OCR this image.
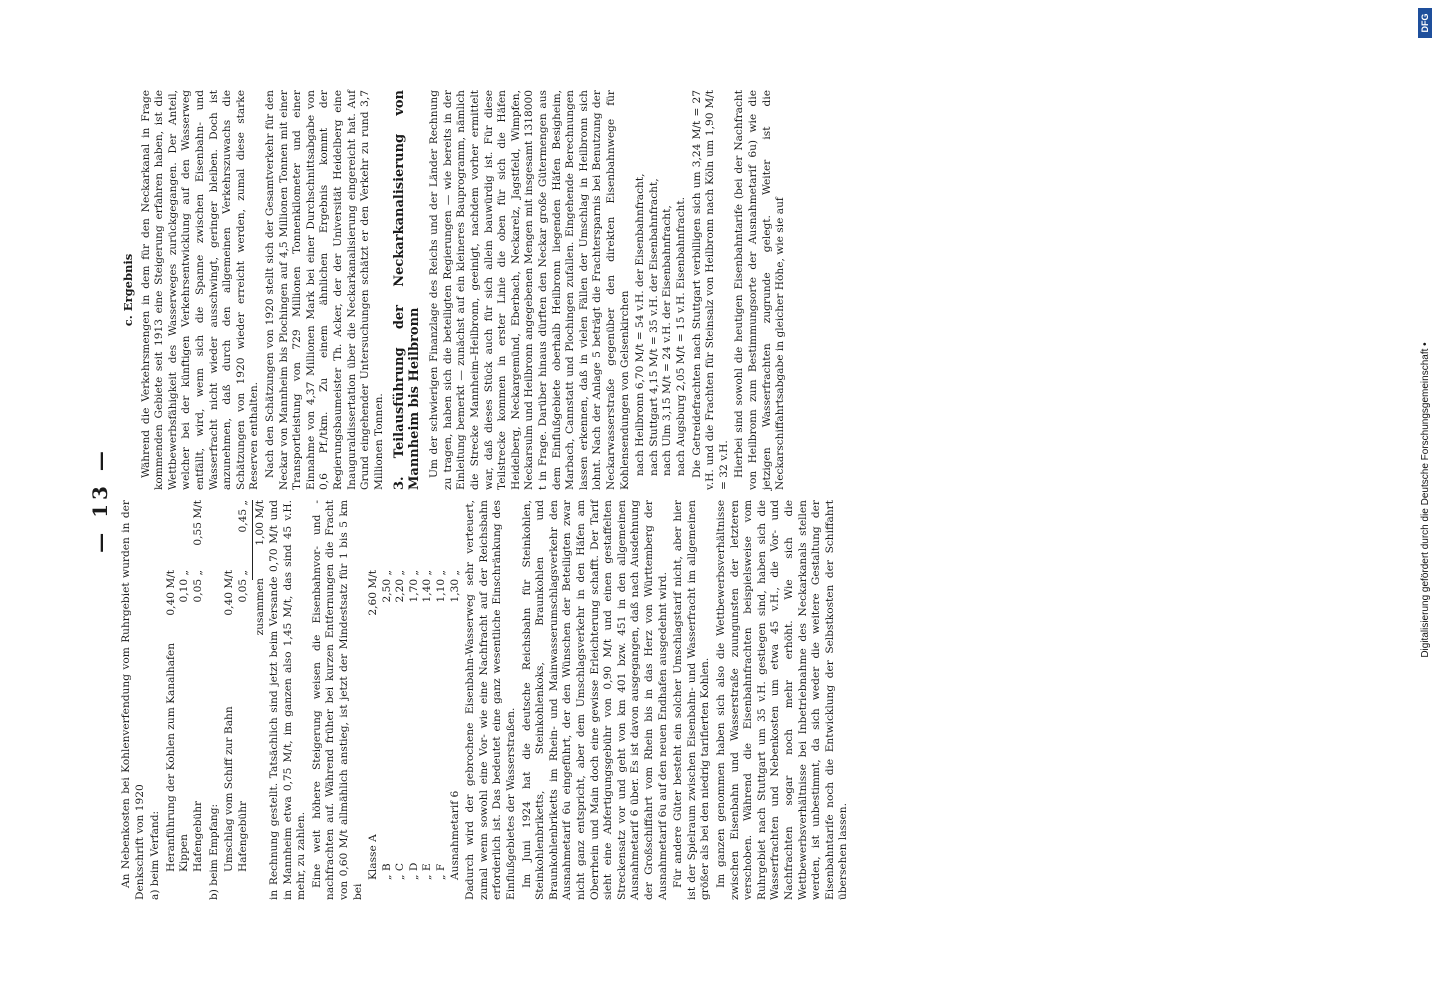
— 13 — An Nebenkosten bei Kohlenverfendung vom Ruhrgebiet wurden in der Denkschrift von 1920 a) beim Verfand: Heranführung der Kohlen zum Kanalhafen
0,40 M/t
Kippen
0,10 „
Hafengebühr
0,05 „
0,55 M/t
b) beim Empfang: Umschlag vom Schiff zur Bahn
0,40 M/t
Hafengebühr
0,05 „
0,45 „
zusammen
1,00 M/t in Rechnung gestellt. Tatsächlich sind jetzt beim Versande 0,70 M/t und in Mannheim etwa 0,75 M/t, im ganzen also 1,45 M/t, das sind 45 v.H. mehr, zu zahlen. Eine weit höhere Steigerung weisen die Eisenbahnvor- und -nachfrachten auf. Während früher bei kurzen Entfernungen die Fracht von 0,60 M/t allmählich anstieg, ist jetzt der Mindestsatz für 1 bis 5 km bei

Klasse A
2,60 M/t
„ B
2,50 „
„ C
2,20 „
„ D
1,70 „
„ E
1,40 „
„ F
1,10 „
Ausnahmetarif 6
1,30 „ Dadurch wird der gebrochene Eisenbahn-Wasserweg sehr verteuert, zumal wenn sowohl eine Vor- wie eine Nachfracht auf der Reichsbahn erforderlich ist. Das bedeutet eine ganz wesentliche Einschränkung des Einflußgebietes der Wasserstraßen. Im Juni 1924 hat die deutsche Reichsbahn für Steinkohlen, Steinkohlenbriketts, Steinkohlenkoks, Braunkohlen und Braunkohlenbriketts im Rhein- und Mainwasserumschlagsverkehr den Ausnahmetarif 6u eingeführt, der den Wünschen der Beteiligten zwar nicht ganz entspricht, aber dem Umschlagsverkehr in den Häfen am Oberrhein und Main doch eine gewisse Erleichterung schafft. Der Tarif sieht eine Abfertigungsgebühr von 0,90 M/t und einen gestaffelten Streckensatz vor und geht von km 401 bzw. 451 in den allgemeinen Ausnahmetarif 6 über. Es ist davon ausgegangen, daß nach Ausdehnung der Großschiffahrt vom Rhein bis in das Herz von Württemberg der Ausnahmetarif 6u auf den neuen Endhafen ausgedehnt wird. Für andere Güter besteht ein solcher Umschlagstarif nicht, aber hier ist der Spielraum zwischen Eisenbahn- und Wasserfracht im allgemeinen größer als bei den niedrig tarifierten Kohlen. Im ganzen genommen haben sich also die Wettbewerbsverhältnisse zwischen Eisenbahn und Wasserstraße zuungunsten der letzteren verschoben. Während die Eisenbahnfrachten beispielsweise vom Ruhrgebiet nach Stuttgart um 35 v.H. gestiegen sind, haben sich die Wasserfrachten und Nebenkosten um etwa 45 v.H., die Vor- und Nachfrachten sogar noch mehr erhöht. Wie sich die Wettbewerbsverhältnisse bei Inbetriebnahme des Neckarkanals stellen werden, ist unbestimmt, da sich weder die weitere Gestaltung der Eisenbahntarife noch die Entwicklung der Selbstkosten der Schiffahrt übersehen lassen.

c. Ergebnis Während die Verkehrsmengen in dem für den Neckarkanal in Frage kommenden Gebiete seit 1913 eine Steigerung erfahren haben, ist die Wettbewerbsfähigkeit des Wasserweges zurückgegangen. Der Anteil, welcher bei der künftigen Verkehrsentwicklung auf den Wasserweg entfällt, wird, wenn sich die Spanne zwischen Eisenbahn- und Wasserfracht nicht wieder ausschwingt, geringer bleiben. Doch ist anzunehmen, daß durch den allgemeinen Verkehrszuwachs die Schätzungen von 1920 wieder erreicht werden, zumal diese starke Reserven enthalten. Nach den Schätzungen von 1920 stellt sich der Gesamtverkehr für den Neckar von Mannheim bis Plochingen auf 4,5 Millionen Tonnen mit einer Transportleistung von 729 Millionen Tonnenkilometer und einer Einnahme von 4,37 Millionen Mark bei einer Durchschnittsabgabe von 0,6 Pf./tkm. Zu einem ähnlichen Ergebnis kommt der Regierungsbaumeister Th. Acker, der der Universität Heidelberg eine Inauguraldissertation über die Neckarkanalisierung eingereicht hat. Auf Grund eingehender Untersuchungen schätzt er den Verkehr zu rund 3,7 Millionen Tonnen. 3. Teilausführung der Neckarkanalisierung von Mannheim bis Heilbronn Um der schwierigen Finanzlage des Reichs und der Länder Rechnung zu tragen, haben sich die beteiligten Regierungen — wie bereits in der Einleitung bemerkt — zunächst auf ein kleineres Bauprogramm, nämlich die Strecke Mannheim–Heilbronn, geeinigt, nachdem vorher ermittelt war, daß dieses Stück auch für sich allein bauwürdig ist. Für diese Teilstrecke kommen in erster Linie die oben für sich die Häfen Heidelberg, Neckargemünd, Eberbach, Neckarelz, Jagstfeld, Wimpfen, Neckarsulm und Heilbronn angegebenen Mengen mit insgesamt 1318000 t in Frage. Darüber hinaus dürften den Neckar große Gütermengen aus dem Einflußgebiete oberhalb Heilbronn liegenden Häfen Besigheim, Marbach, Cannstatt und Plochingen zufallen. Eingehende Berechnungen lassen erkennen, daß in vielen Fällen der Umschlag in Heilbronn sich lohnt. Nach der Anlage 5 beträgt die Frachtersparnis bei Benutzung der Neckarwasserstraße gegenüber den direkten Eisenbahnwege für Kohlensendungen von Gelsenkirchen nach Heilbronn 6,70 M/t = 54 v.H. der Eisenbahnfracht, nach Stuttgart 4,15 M/t = 35 v.H. der Eisenbahnfracht, nach Ulm 3,15 M/t = 24 v.H. der Eisenbahnfracht, nach Augsburg 2,05 M/t = 15 v.H. Eisenbahnfracht. Die Getreidefrachten nach Stuttgart verbilligen sich um 3,24 M/t = 27 v.H. und die Frachten für Steinsalz von Heilbronn nach Köln um 1,90 M/t = 32 v.H. Hierbei sind sowohl die heutigen Eisenbahntarife (bei der Nachfracht von Heilbronn zum Bestimmungsorte der Ausnahmetarif 6u) wie die jetzigen Wasserfrachten zugrunde gelegt. Weiter ist die Neckarschiffahrtsabgabe in gleicher Höhe, wie sie auf	Digitalisierung gefördert durch die Deutsche Forschungsgemeinschaft •
DFG
